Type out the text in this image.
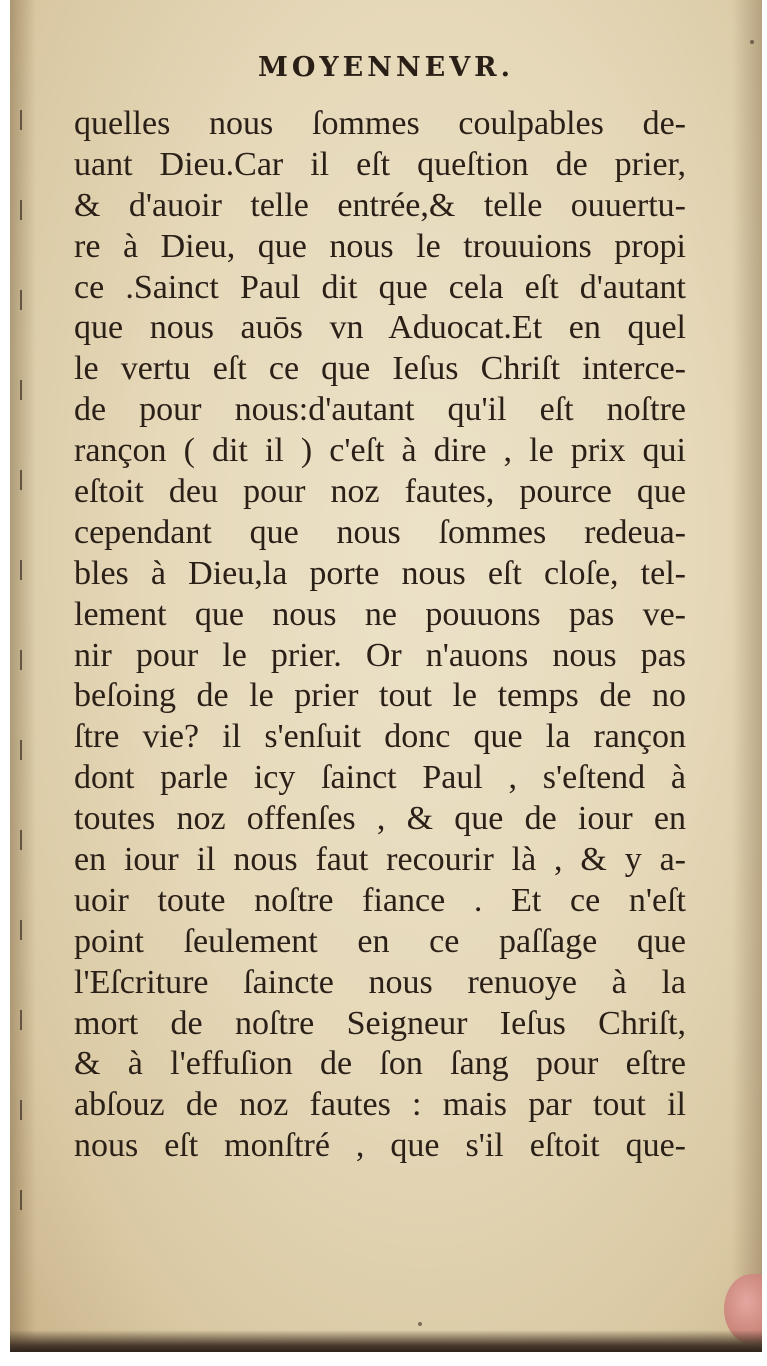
MOYENNEVR.
quelles nous ſommes coulpables de-
uant Dieu.Car il eſt queſtion de prier,
& d'auoir telle entrée,& telle ouuertu-
re à Dieu, que nous le trouuions propi
ce .Sainct Paul dit que cela eſt d'autant
que nous auōs vn Aduocat.Et en quel
le vertu eſt ce que Ieſus Chriſt interce-
de pour nous:d'autant qu'il eſt noſtre
rançon ( dit il ) c'eſt à dire , le prix qui
eſtoit deu pour noz fautes, pource que
cependant que nous ſommes redeua-
bles à Dieu,la porte nous eſt cloſe, tel-
lement que nous ne pouuons pas ve-
nir pour le prier. Or n'auons nous pas
beſoing de le prier tout le temps de no
ſtre vie? il s'enſuit donc que la rançon
dont parle icy ſainct Paul , s'eſtend à
toutes noz offenſes , & que de iour en
en iour il nous faut recourir là , & y a-
uoir toute noſtre fiance . Et ce n'eſt
point ſeulement en ce paſſage que
l'Eſcriture ſaincte nous renuoye à la
mort de noſtre Seigneur Ieſus Chriſt,
& à l'effuſion de ſon ſang pour eſtre
abſouz de noz fautes : mais par tout il
nous eſt monſtré , que s'il eſtoit que-
